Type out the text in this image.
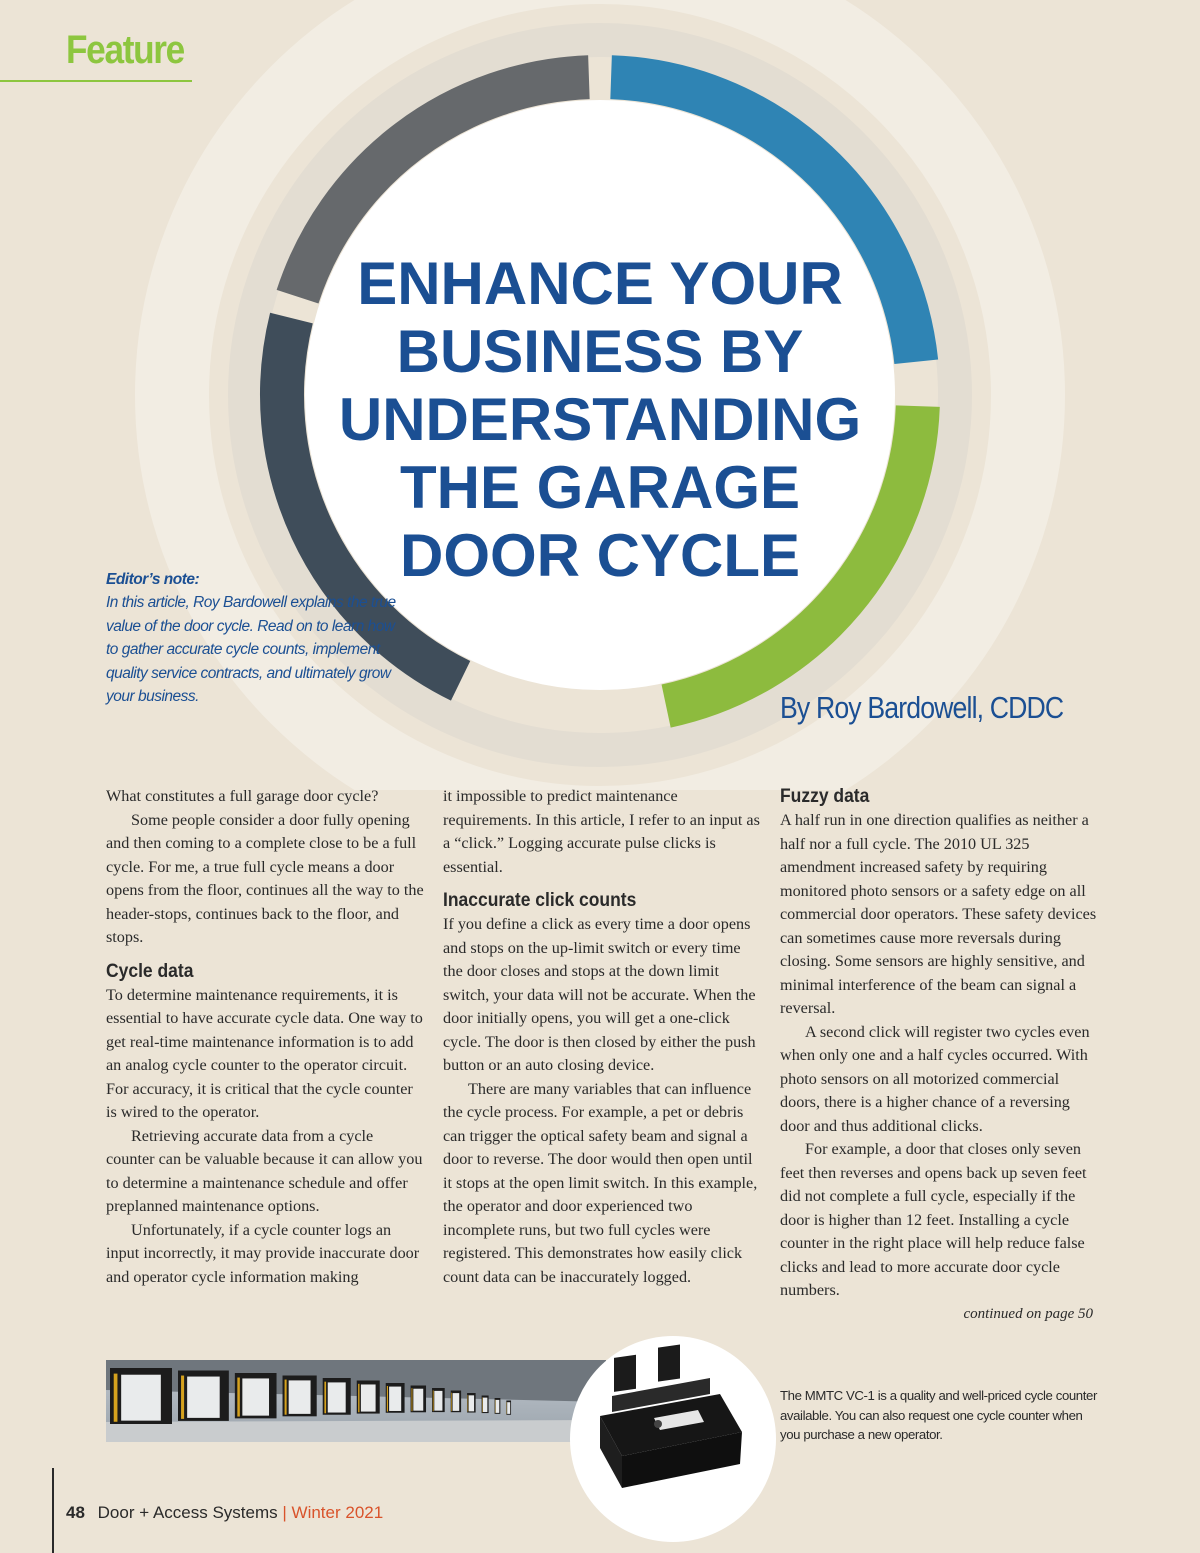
Feature
ENHANCE YOUR
BUSINESS BY
UNDERSTANDING
THE GARAGE
DOOR CYCLE
Editor’s note:
In this article, Roy Bardowell explains the true value of the door cycle. Read on to learn how to gather accurate cycle counts, implement quality service contracts, and ultimately grow your business.	By Roy Bardowell, CDDC

What constitutes a full garage door cycle?

Some people consider a door fully opening and then coming to a complete close to be a full cycle. For me, a true full cycle means a door opens from the floor, continues all the way to the header-stops, continues back to the floor, and stops.

Cycle data

To determine maintenance requirements, it is essential to have accurate cycle data. One way to get real-time maintenance information is to add an analog cycle counter to the operator circuit. For accuracy, it is critical that the cycle counter is wired to the operator.

Retrieving accurate data from a cycle counter can be valuable because it can allow you to determine a maintenance schedule and offer preplanned maintenance options.

Unfortunately, if a cycle counter logs an input incorrectly, it may provide inaccurate door and operator cycle information making

it impossible to predict maintenance requirements. In this article, I refer to an input as a “click.” Logging accurate pulse clicks is essential.

Inaccurate click counts

If you define a click as every time a door opens and stops on the up-limit switch or every time the door closes and stops at the down limit switch, your data will not be accurate. When the door initially opens, you will get a one-click cycle. The door is then closed by either the push button or an auto closing device.

There are many variables that can influence the cycle process. For example, a pet or debris can trigger the optical safety beam and signal a door to reverse. The door would then open until it stops at the open limit switch. In this example, the operator and door experienced two incomplete runs, but two full cycles were registered. This demonstrates how easily click count data can be inaccurately logged.

Fuzzy data

A half run in one direction qualifies as neither a half nor a full cycle. The 2010 UL 325 amendment increased safety by requiring monitored photo sensors or a safety edge on all commercial door operators. These safety devices can sometimes cause more reversals during closing. Some sensors are highly sensitive, and minimal interference of the beam can signal a reversal.

A second click will register two cycles even when only one and a half cycles occurred. With photo sensors on all motorized commercial doors, there is a higher chance of a reversing door and thus additional clicks.

For example, a door that closes only seven feet then reverses and opens back up seven feet did not complete a full cycle, especially if the door is higher than 12 feet. Installing a cycle counter in the right place will help reduce false clicks and lead to more accurate door cycle numbers.

continued on page 50
The MMTC VC-1 is a quality and well-priced cycle counter available. You can also request one cycle counter when you purchase a new operator.
48 Door + Access Systems | Winter 2021
